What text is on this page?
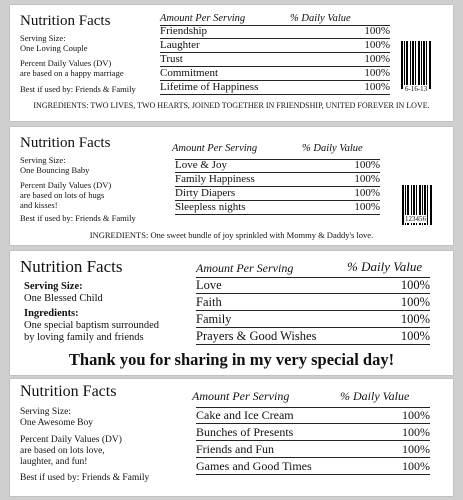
Nutrition Facts
Serving Size:
One Loving Couple
Percent Daily Values (DV)
are based on a happy marriage
Best if used by: Friends & Family
Amount Per Serving	% Daily Value
Friendship	100%
Laughter	100%
Trust	100%
Commitment	100%
Lifetime of Happiness	100% 6-16-13
INGREDIENTS: TWO LIVES, TWO HEARTS, JOINED TOGETHER IN FRIENDSHIP, UNITED FOREVER IN LOVE.
Nutrition Facts
Serving Size:
One Bouncing Baby
Percent Daily Values (DV)
are based on lots of hugs
and kisses!
Best if used by: Friends & Family
Amount Per Serving	% Daily Value
Love & Joy	100%
Family Happiness	100%
Dirty Diapers	100%
Sleepless nights	100%
123456
INGREDIENTS: One sweet bundle of joy sprinkled with Mommy & Daddy's love.
Nutrition Facts
Serving Size:
One Blessed Child
Ingredients:
One special baptism surrounded
by loving family and friends
Amount Per Serving	% Daily Value
Love	100%
Faith	100%
Family	100%
Prayers & Good Wishes	100%
Thank you for sharing in my very special day!
Nutrition Facts
Serving Size:
One Awesome Boy
Percent Daily Values (DV)
are based on lots love,
laughter, and fun!
Best if used by: Friends & Family
Amount Per Serving	% Daily Value
Cake and Ice Cream	100%
Bunches of Presents	100%
Friends and Fun	100%
Games and Good Times	100%
